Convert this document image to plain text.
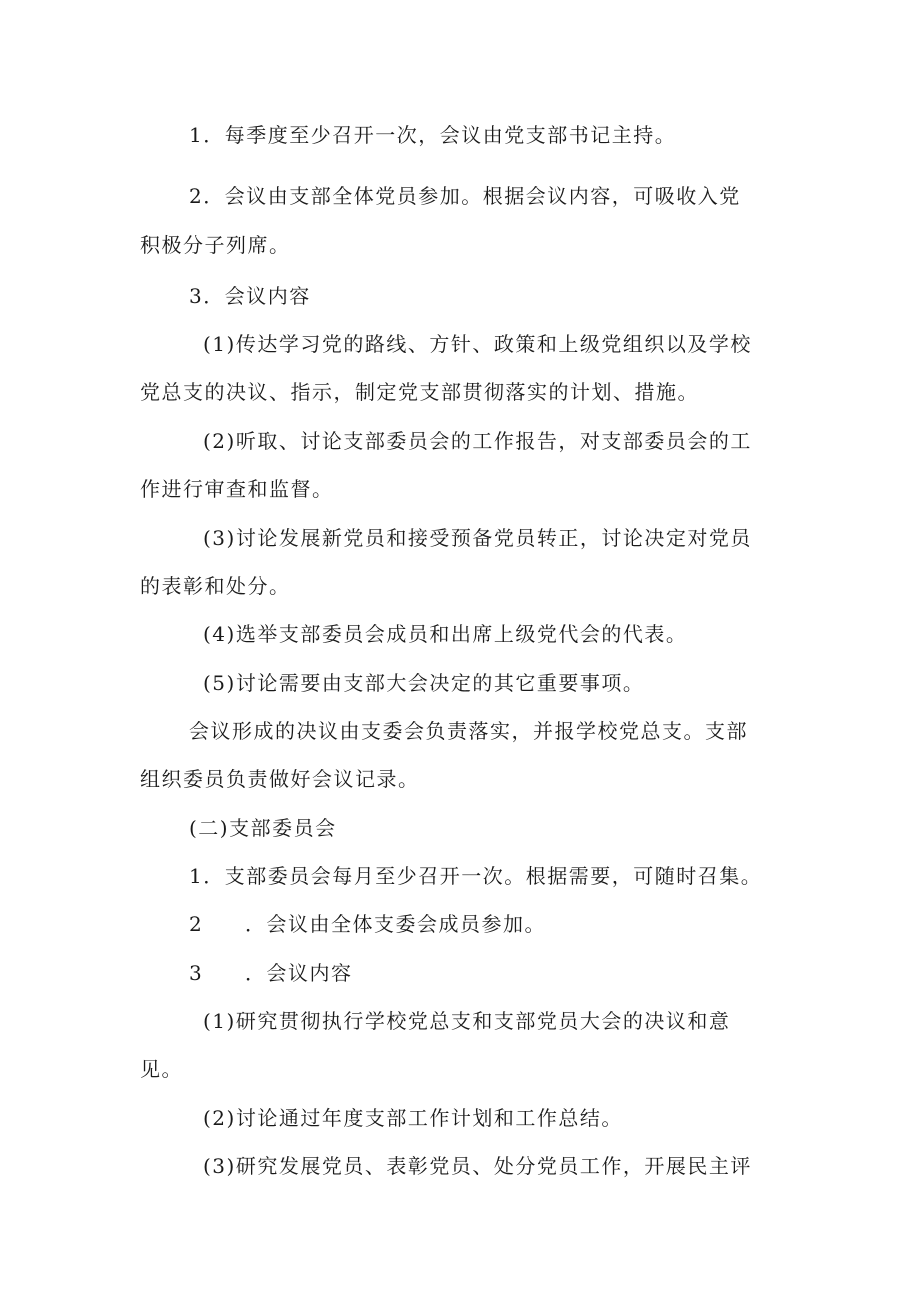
1．每季度至少召开一次，会议由党支部书记主持。

2．会议由支部全体党员参加。根据会议内容，可吸收入党

积极分子列席。

3．会议内容

(1)传达学习党的路线、方针、政策和上级党组织以及学校

党总支的决议、指示，制定党支部贯彻落实的计划、措施。

(2)听取、讨论支部委员会的工作报告，对支部委员会的工

作进行审查和监督。

(3)讨论发展新党员和接受预备党员转正，讨论决定对党员

的表彰和处分。

(4)选举支部委员会成员和出席上级党代会的代表。

(5)讨论需要由支部大会决定的其它重要事项。

会议形成的决议由支委会负责落实，并报学校党总支。支部

组织委员负责做好会议记录。

(二)支部委员会

1．支部委员会每月至少召开一次。根据需要，可随时召集。

2 ．会议由全体支委会成员参加。

3 ．会议内容

(1)研究贯彻执行学校党总支和支部党员大会的决议和意

见。

(2)讨论通过年度支部工作计划和工作总结。

(3)研究发展党员、表彰党员、处分党员工作，开展民主评
